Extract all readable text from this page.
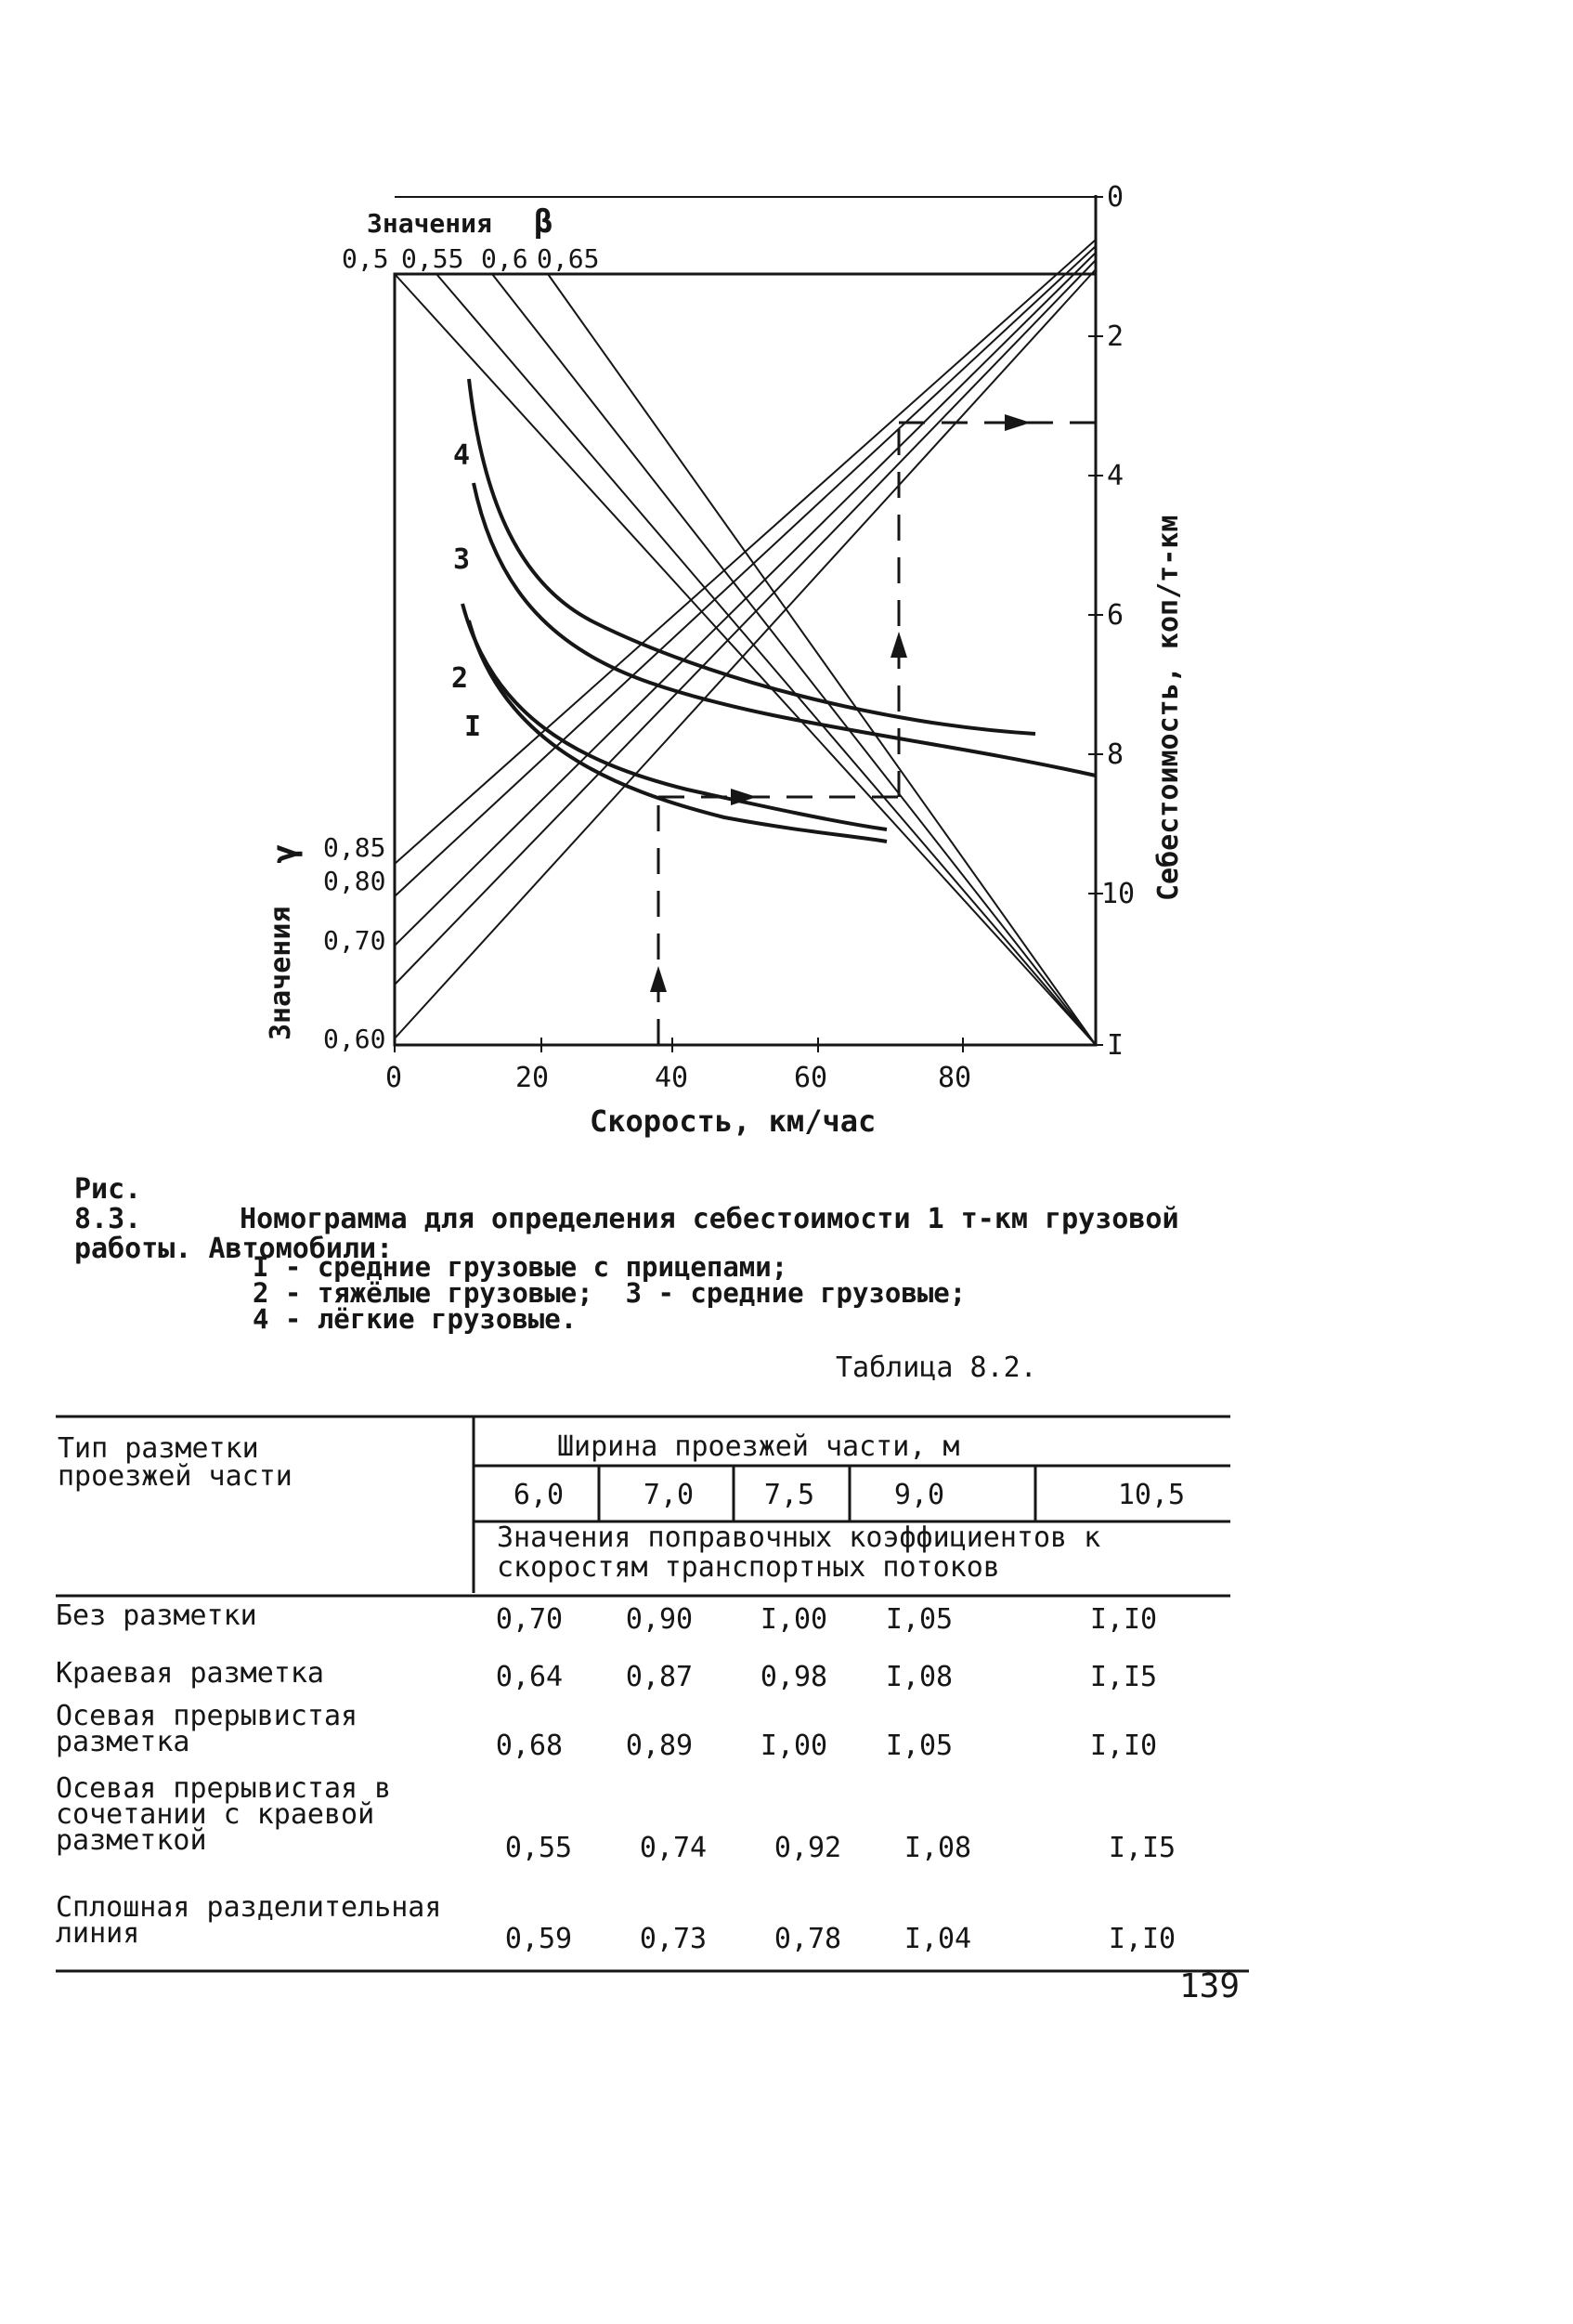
Значения β
0,5 0,55 0,6 0,65
0,85
0,80
0,70
0,60
Значения
γ
4
3
2
I
0	20	40	60	80
Скорость, км/час
0
2
4
6
8
10
I
Себестоимость, коп/т-км
Рис. 8.3.	Номограмма для определения себестоимости 1 т-км грузовой работы. Автомобили:
I - средние грузовые с прицепами;
2 - тяжёлые грузовые;  3 - средние грузовые;
4 - лёгкие грузовые.
Таблица 8.2.
Тип разметки проезжей части
Ширина проезжей части, м
6,0	7,0	7,5	9,0	10,5
Значения поправочных коэффициентов к скоростям транспортных потоков
Без разметки	0,70	0,90	I,00	I,05	I,I0
Краевая разметка	0,64	0,87	0,98	I,08	I,I5
Осевая прерывистая разметка	0,68	0,89	I,00	I,05	I,I0
Осевая прерывистая в сочетании с краевой разметкой	0,55	0,74	0,92	I,08	I,I5
Сплошная разделительная линия	0,59	0,73	0,78	I,04	I,I0
139
